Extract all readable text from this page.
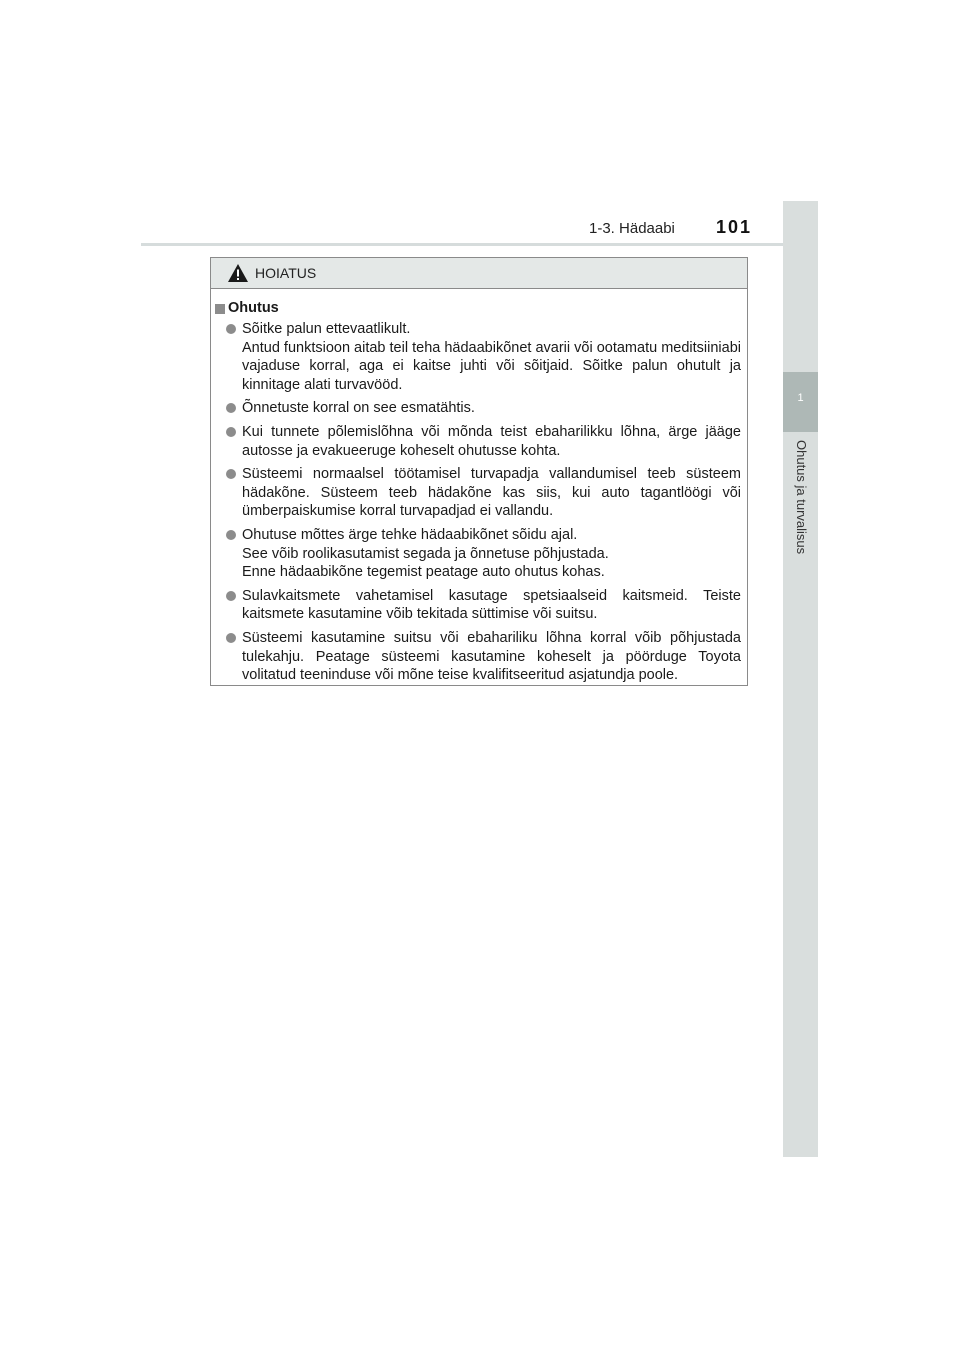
1-3. Hädaabi 101
1
Ohutus ja turvalisus
HOIATUS
Ohutus
Sõitke palun ettevaatlikult.
Antud funktsioon aitab teil teha hädaabikõnet avarii või ootamatu meditsiiniabi vajaduse korral, aga ei kaitse juhti või sõitjaid. Sõitke palun ohutult ja kinnitage alati turvavööd.
Õnnetuste korral on see esmatähtis.
Kui tunnete põlemislõhna või mõnda teist ebaharilikku lõhna, ärge jääge autosse ja evakueeruge koheselt ohutusse kohta.
Süsteemi normaalsel töötamisel turvapadja vallandumisel teeb süsteem hädakõne. Süsteem teeb hädakõne kas siis, kui auto tagantlöögi või ümberpaiskumise korral turvapadjad ei vallandu.
Ohutuse mõttes ärge tehke hädaabikõnet sõidu ajal.
See võib roolikasutamist segada ja õnnetuse põhjustada.
Enne hädaabikõne tegemist peatage auto ohutus kohas.
Sulavkaitsmete vahetamisel kasutage spetsiaalseid kaitsmeid. Teiste kaitsmete kasutamine võib tekitada süttimise või suitsu.
Süsteemi kasutamine suitsu või ebahariliku lõhna korral võib põhjustada tulekahju. Peatage süsteemi kasutamine koheselt ja pöörduge Toyota volitatud teeninduse või mõne teise kvalifitseeritud asjatundja poole.
